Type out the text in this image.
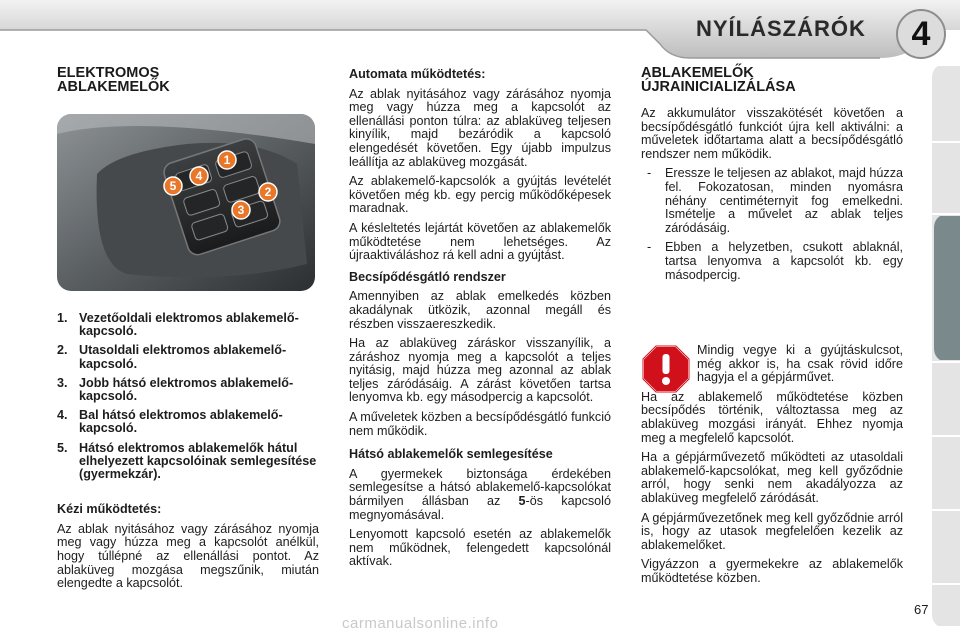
NYÍLÁSZÁRÓK	4
ELEKTROMOS
ABLAKEMELŐK
1
2
3
4
5
1. Vezetőoldali elektromos ablakemelő-kapcsoló.
2. Utasoldali elektromos ablakemelő-kapcsoló.
3. Jobb hátsó elektromos ablakemelő-kapcsoló.
4. Bal hátsó elektromos ablakemelő-kapcsoló.
5. Hátsó elektromos ablakemelők hátul elhelyezett kapcsolóinak semlegesítése (gyermekzár).

Kézi működtetés:

Az ablak nyitásához vagy zárásához nyomja meg vagy húzza meg a kapcsolót anélkül, hogy túllépné az ellenállási pontot. Az ablaküveg mozgása megszűnik, miután elengedte a kapcsolót.

Automata működtetés:

Az ablak nyitásához vagy zárásához nyomja meg vagy húzza meg a kapcsolót az ellenállási ponton túlra: az ablaküveg teljesen kinyílik, majd bezáródik a kapcsoló elengedését követően. Egy újabb impulzus leállítja az ablaküveg mozgását.

Az ablakemelő-kapcsolók a gyújtás levételét követően még kb. egy percig működőképesek maradnak.

A késleltetés lejártát követően az ablakemelők működtetése nem lehetséges. Az újraaktiváláshoz rá kell adni a gyújtást.

Becsípődésgátló rendszer

Amennyiben az ablak emelkedés közben akadálynak ütközik, azonnal megáll és részben visszaereszkedik.

Ha az ablaküveg záráskor visszanyílik, a záráshoz nyomja meg a kapcsolót a teljes nyitásig, majd húzza meg azonnal az ablak teljes záródásáig. A zárást követően tartsa lenyomva kb. egy másodpercig a kapcsolót.

A műveletek közben a becsípődésgátló funkció nem működik.

Hátsó ablakemelők semlegesítése

A gyermekek biztonsága érdekében semlegesítse a hátsó ablakemelő-kapcsolókat bármilyen állásban az 5-ös kapcsoló megnyomásával.

Lenyomott kapcsoló esetén az ablakemelők nem működnek, felengedett kapcsolónál aktívak.

ABLAKEMELŐK
ÚJRAINICIALIZÁLÁSA

Az akkumulátor visszakötését követően a becsípődésgátló funkciót újra kell aktiválni: a műveletek időtartama alatt a becsípődésgátló rendszer nem működik.

- Eressze le teljesen az ablakot, majd húzza fel. Fokozatosan, minden nyomásra néhány centiméternyit fog emelkedni. Ismételje a művelet az ablak teljes záródásáig.

- Ebben a helyzetben, csukott ablaknál, tartsa lenyomva a kapcsolót kb. egy másodpercig.

Mindig vegye ki a gyújtáskulcsot, még akkor is, ha csak rövid időre hagyja el a gépjárművet.

Ha az ablakemelő működtetése közben becsípődés történik, változtassa meg az ablaküveg mozgási irányát. Ehhez nyomja meg a megfelelő kapcsolót.

Ha a gépjárművezető működteti az utasoldali ablakemelő-kapcsolókat, meg kell győződnie arról, hogy senki nem akadályozza az ablaküveg megfelelő záródását.

A gépjárművezetőnek meg kell győződnie arról is, hogy az utasok megfelelően kezelik az ablakemelőket.

Vigyázzon a gyermekekre az ablakemelők működtetése közben.

67
carmanualsonline.info
